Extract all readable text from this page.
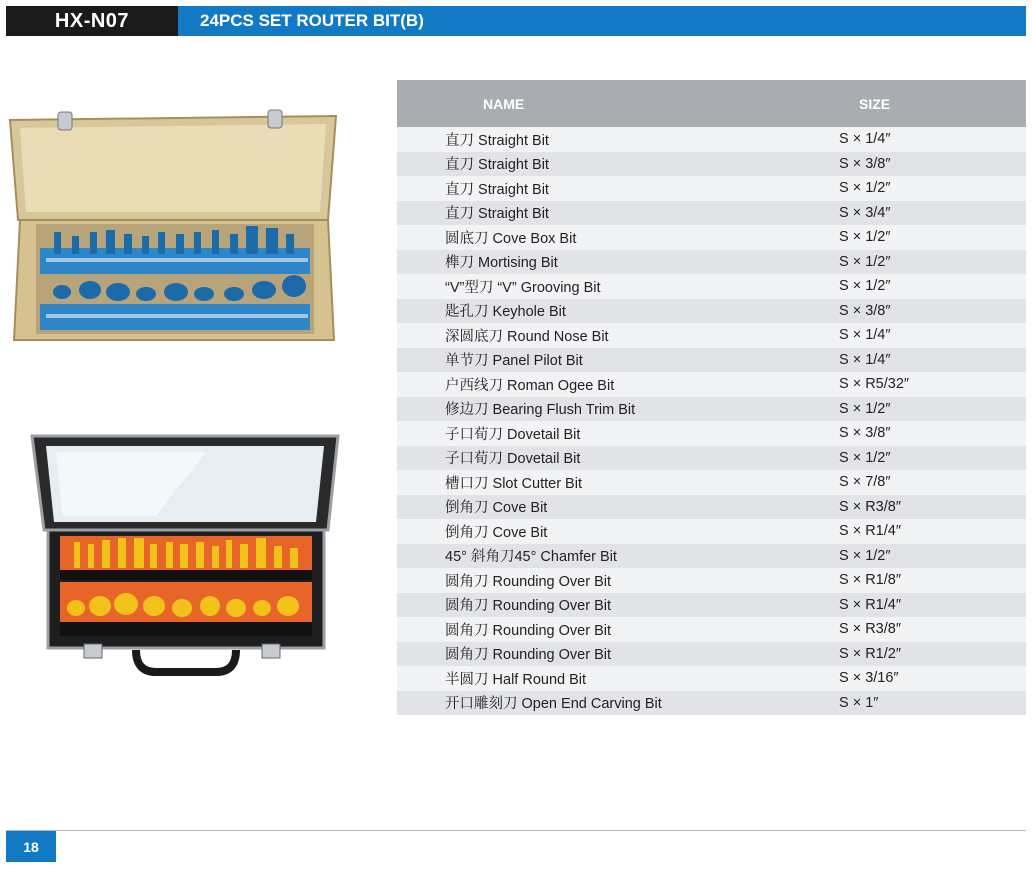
HX-N07	24PCS SET ROUTER BIT(B)
NAME	SIZE
直刀 Straight Bit	S × 1/4″
直刀 Straight Bit	S × 3/8″
直刀 Straight Bit	S × 1/2″
直刀 Straight Bit	S × 3/4″
圆底刀 Cove Box Bit	S × 1/2″
榫刀 Mortising Bit	S × 1/2″
“V”型刀 “V” Grooving Bit	S × 1/2″
匙孔刀 Keyhole Bit	S × 3/8″
深圆底刀 Round Nose Bit	S × 1/4″
单节刀 Panel Pilot Bit	S × 1/4″
户西线刀 Roman Ogee Bit	S × R5/32″
修边刀 Bearing Flush Trim Bit	S × 1/2″
子口荀刀 Dovetail Bit	S × 3/8″
子口荀刀 Dovetail Bit	S × 1/2″
槽口刀 Slot Cutter Bit	S × 7/8″
倒角刀 Cove Bit	S × R3/8″
倒角刀 Cove Bit	S × R1/4″
45° 斜角刀45° Chamfer Bit	S × 1/2″
圆角刀 Rounding Over Bit	S × R1/8″
圆角刀 Rounding Over Bit	S × R1/4″
圆角刀 Rounding Over Bit	S × R3/8″
圆角刀 Rounding Over Bit	S × R1/2″
半圆刀 Half Round Bit	S × 3/16″
开口雕刻刀 Open End Carving Bit	S × 1″
18
